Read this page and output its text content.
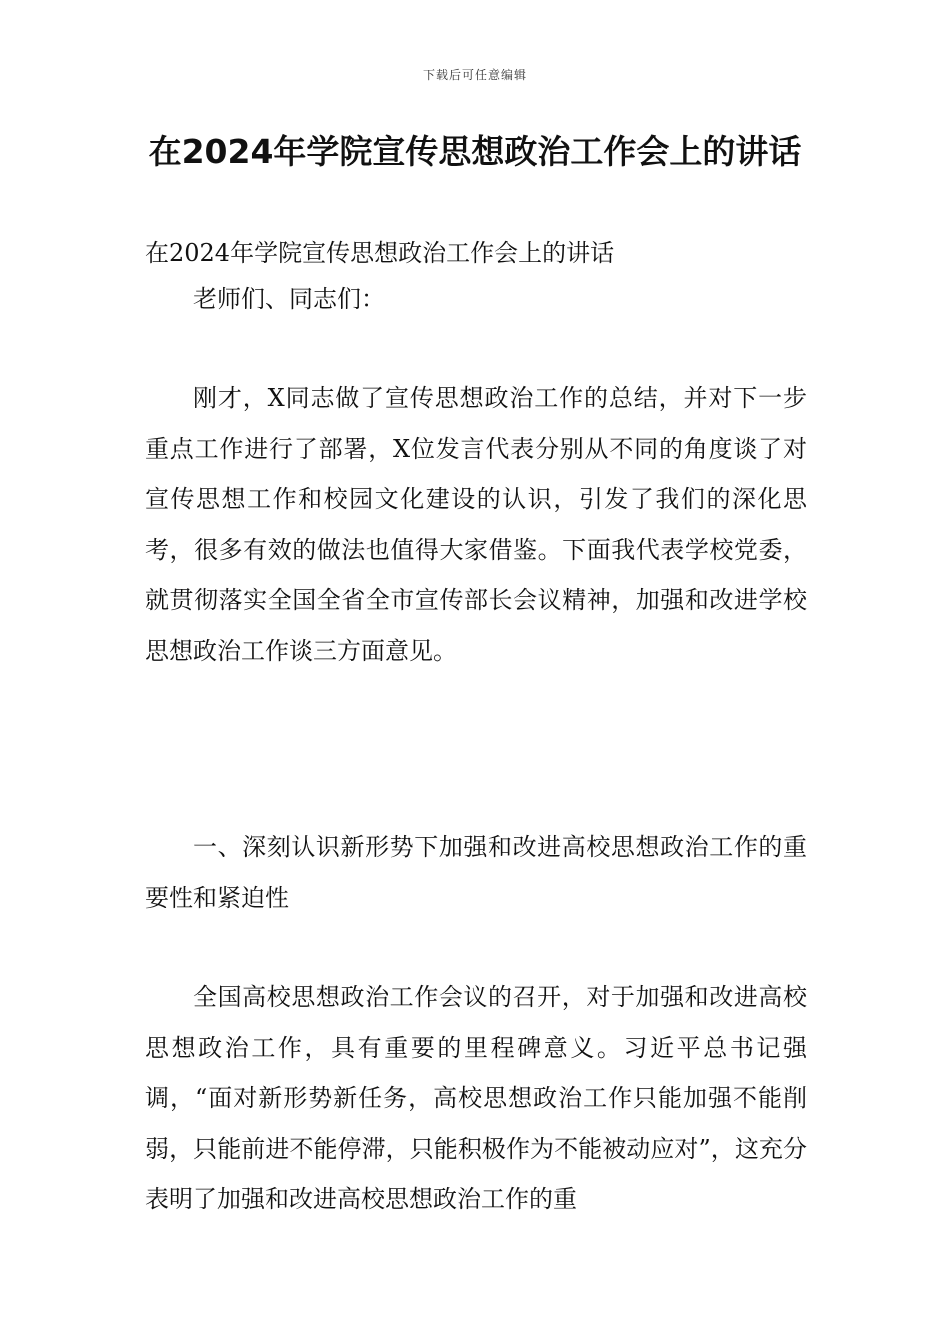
下载后可任意编辑
在2024年学院宣传思想政治工作会上的讲话

在2024年学院宣传思想政治工作会上的讲话

老师们、同志们：

刚才，X同志做了宣传思想政治工作的总结，并对下一步重点工作进行了部署，X位发言代表分别从不同的角度谈了对宣传思想工作和校园文化建设的认识，引发了我们的深化思考，很多有效的做法也值得大家借鉴。下面我代表学校党委，就贯彻落实全国全省全市宣传部长会议精神，加强和改进学校思想政治工作谈三方面意见。

一、深刻认识新形势下加强和改进高校思想政治工作的重要性和紧迫性

全国高校思想政治工作会议的召开，对于加强和改进高校思想政治工作，具有重要的里程碑意义。习近平总书记强调，“面对新形势新任务，高校思想政治工作只能加强不能削弱，只能前进不能停滞，只能积极作为不能被动应对”，这充分表明了加强和改进高校思想政治工作的重
